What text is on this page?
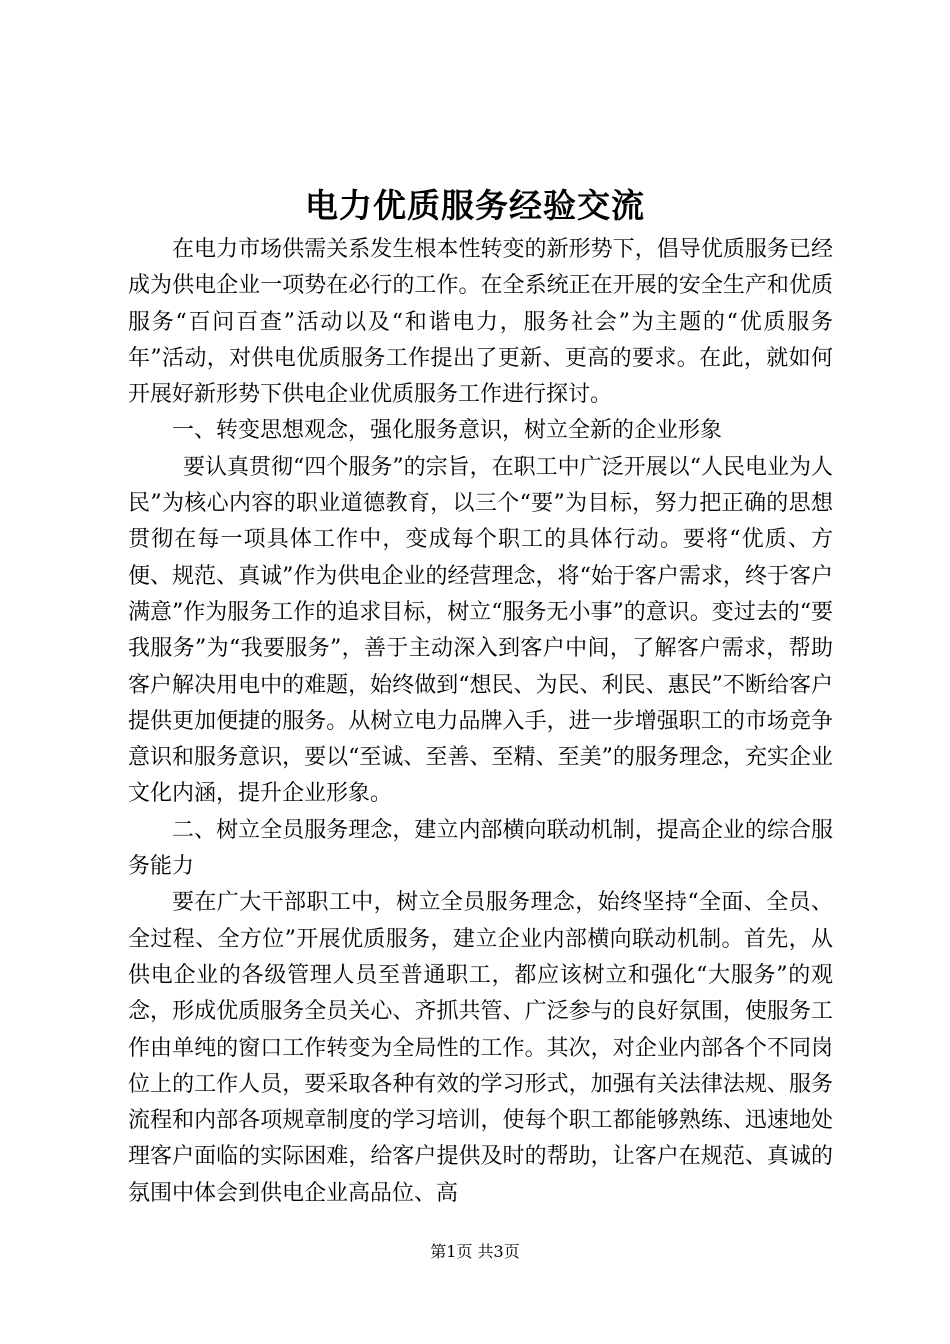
电力优质服务经验交流

在电力市场供需关系发生根本性转变的新形势下，倡导优质服务已经成为供电企业一项势在必行的工作。在全系统正在开展的安全生产和优质服务“百问百查”活动以及“和谐电力，服务社会”为主题的“优质服务年”活动，对供电优质服务工作提出了更新、更高的要求。在此，就如何开展好新形势下供电企业优质服务工作进行探讨。

一、转变思想观念，强化服务意识，树立全新的企业形象

要认真贯彻“四个服务”的宗旨，在职工中广泛开展以“人民电业为人民”为核心内容的职业道德教育，以三个“要”为目标，努力把正确的思想贯彻在每一项具体工作中，变成每个职工的具体行动。要将“优质、方便、规范、真诚”作为供电企业的经营理念，将“始于客户需求，终于客户满意”作为服务工作的追求目标，树立“服务无小事”的意识。变过去的“要我服务”为“我要服务”，善于主动深入到客户中间，了解客户需求，帮助客户解决用电中的难题，始终做到“想民、为民、利民、惠民”不断给客户提供更加便捷的服务。从树立电力品牌入手，进一步增强职工的市场竞争意识和服务意识，要以“至诚、至善、至精、至美”的服务理念，充实企业文化内涵，提升企业形象。

二、树立全员服务理念，建立内部横向联动机制，提高企业的综合服务能力

要在广大干部职工中，树立全员服务理念，始终坚持“全面、全员、全过程、全方位”开展优质服务，建立企业内部横向联动机制。首先，从供电企业的各级管理人员至普通职工，都应该树立和强化“大服务”的观念，形成优质服务全员关心、齐抓共管、广泛参与的良好氛围，使服务工作由单纯的窗口工作转变为全局性的工作。其次，对企业内部各个不同岗位上的工作人员，要采取各种有效的学习形式，加强有关法律法规、服务流程和内部各项规章制度的学习培训，使每个职工都能够熟练、迅速地处理客户面临的实际困难，给客户提供及时的帮助，让客户在规范、真诚的氛围中体会到供电企业高品位、高

第1页 共3页
